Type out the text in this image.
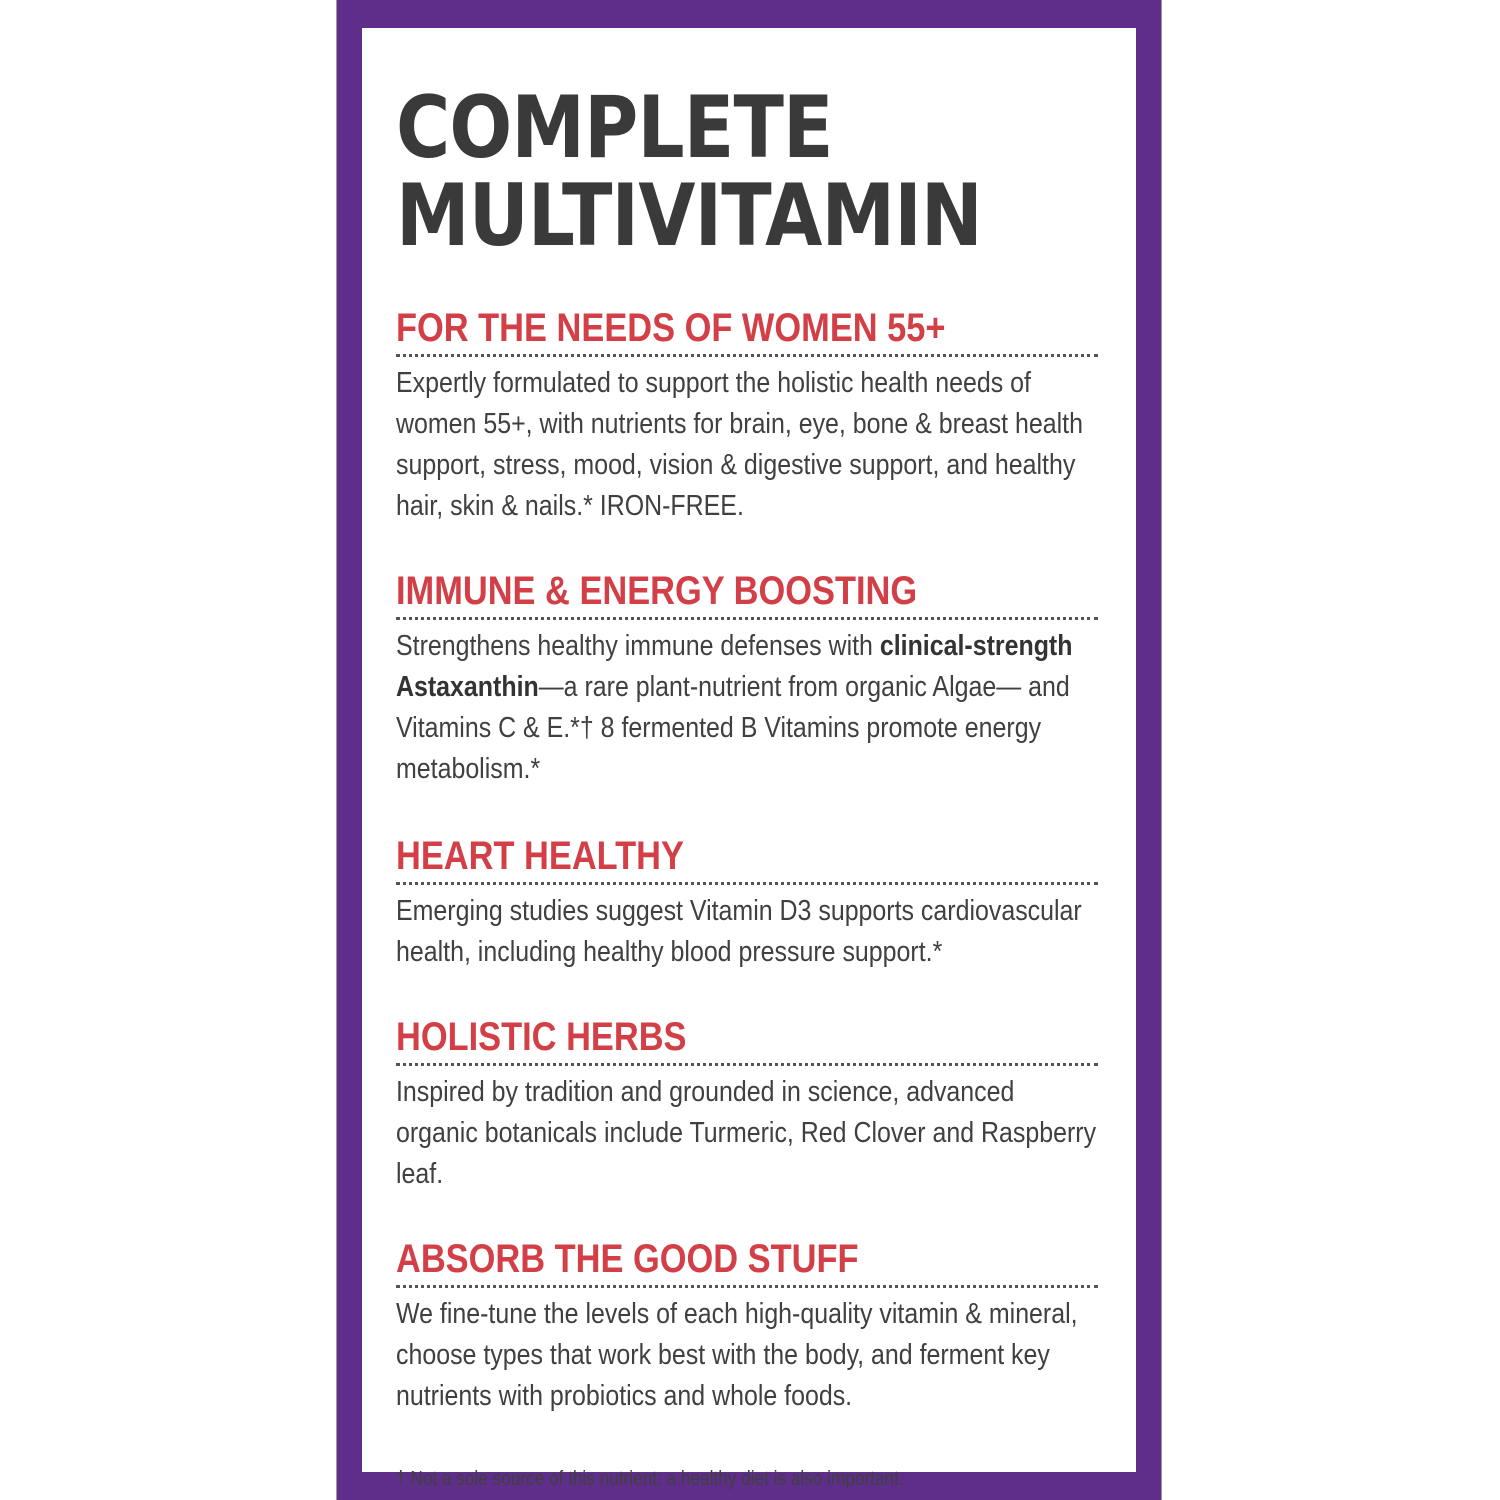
COMPLETE
MULTIVITAMIN
FOR THE NEEDS OF WOMEN 55+

Expertly formulated to support the holistic health needs of women 55+, with nutrients for brain, eye, bone & breast health support, stress, mood, vision & digestive support, and healthy hair, skin & nails.* IRON-FREE.

IMMUNE & ENERGY BOOSTING

Strengthens healthy immune defenses with clinical-strength Astaxanthin—a rare plant-nutrient from organic Algae— and Vitamins C & E.*† 8 fermented B Vitamins promote energy metabolism.*

HEART HEALTHY

Emerging studies suggest Vitamin D3 supports cardiovascular health, including healthy blood pressure support.*

HOLISTIC HERBS

Inspired by tradition and grounded in science, advanced organic botanicals include Turmeric, Red Clover and Raspberry leaf.

ABSORB THE GOOD STUFF

We fine-tune the levels of each high-quality vitamin & mineral, choose types that work best with the body, and ferment key nutrients with probiotics and whole foods.

† Not a sole source of this nutrient; a healthy diet is also important.
